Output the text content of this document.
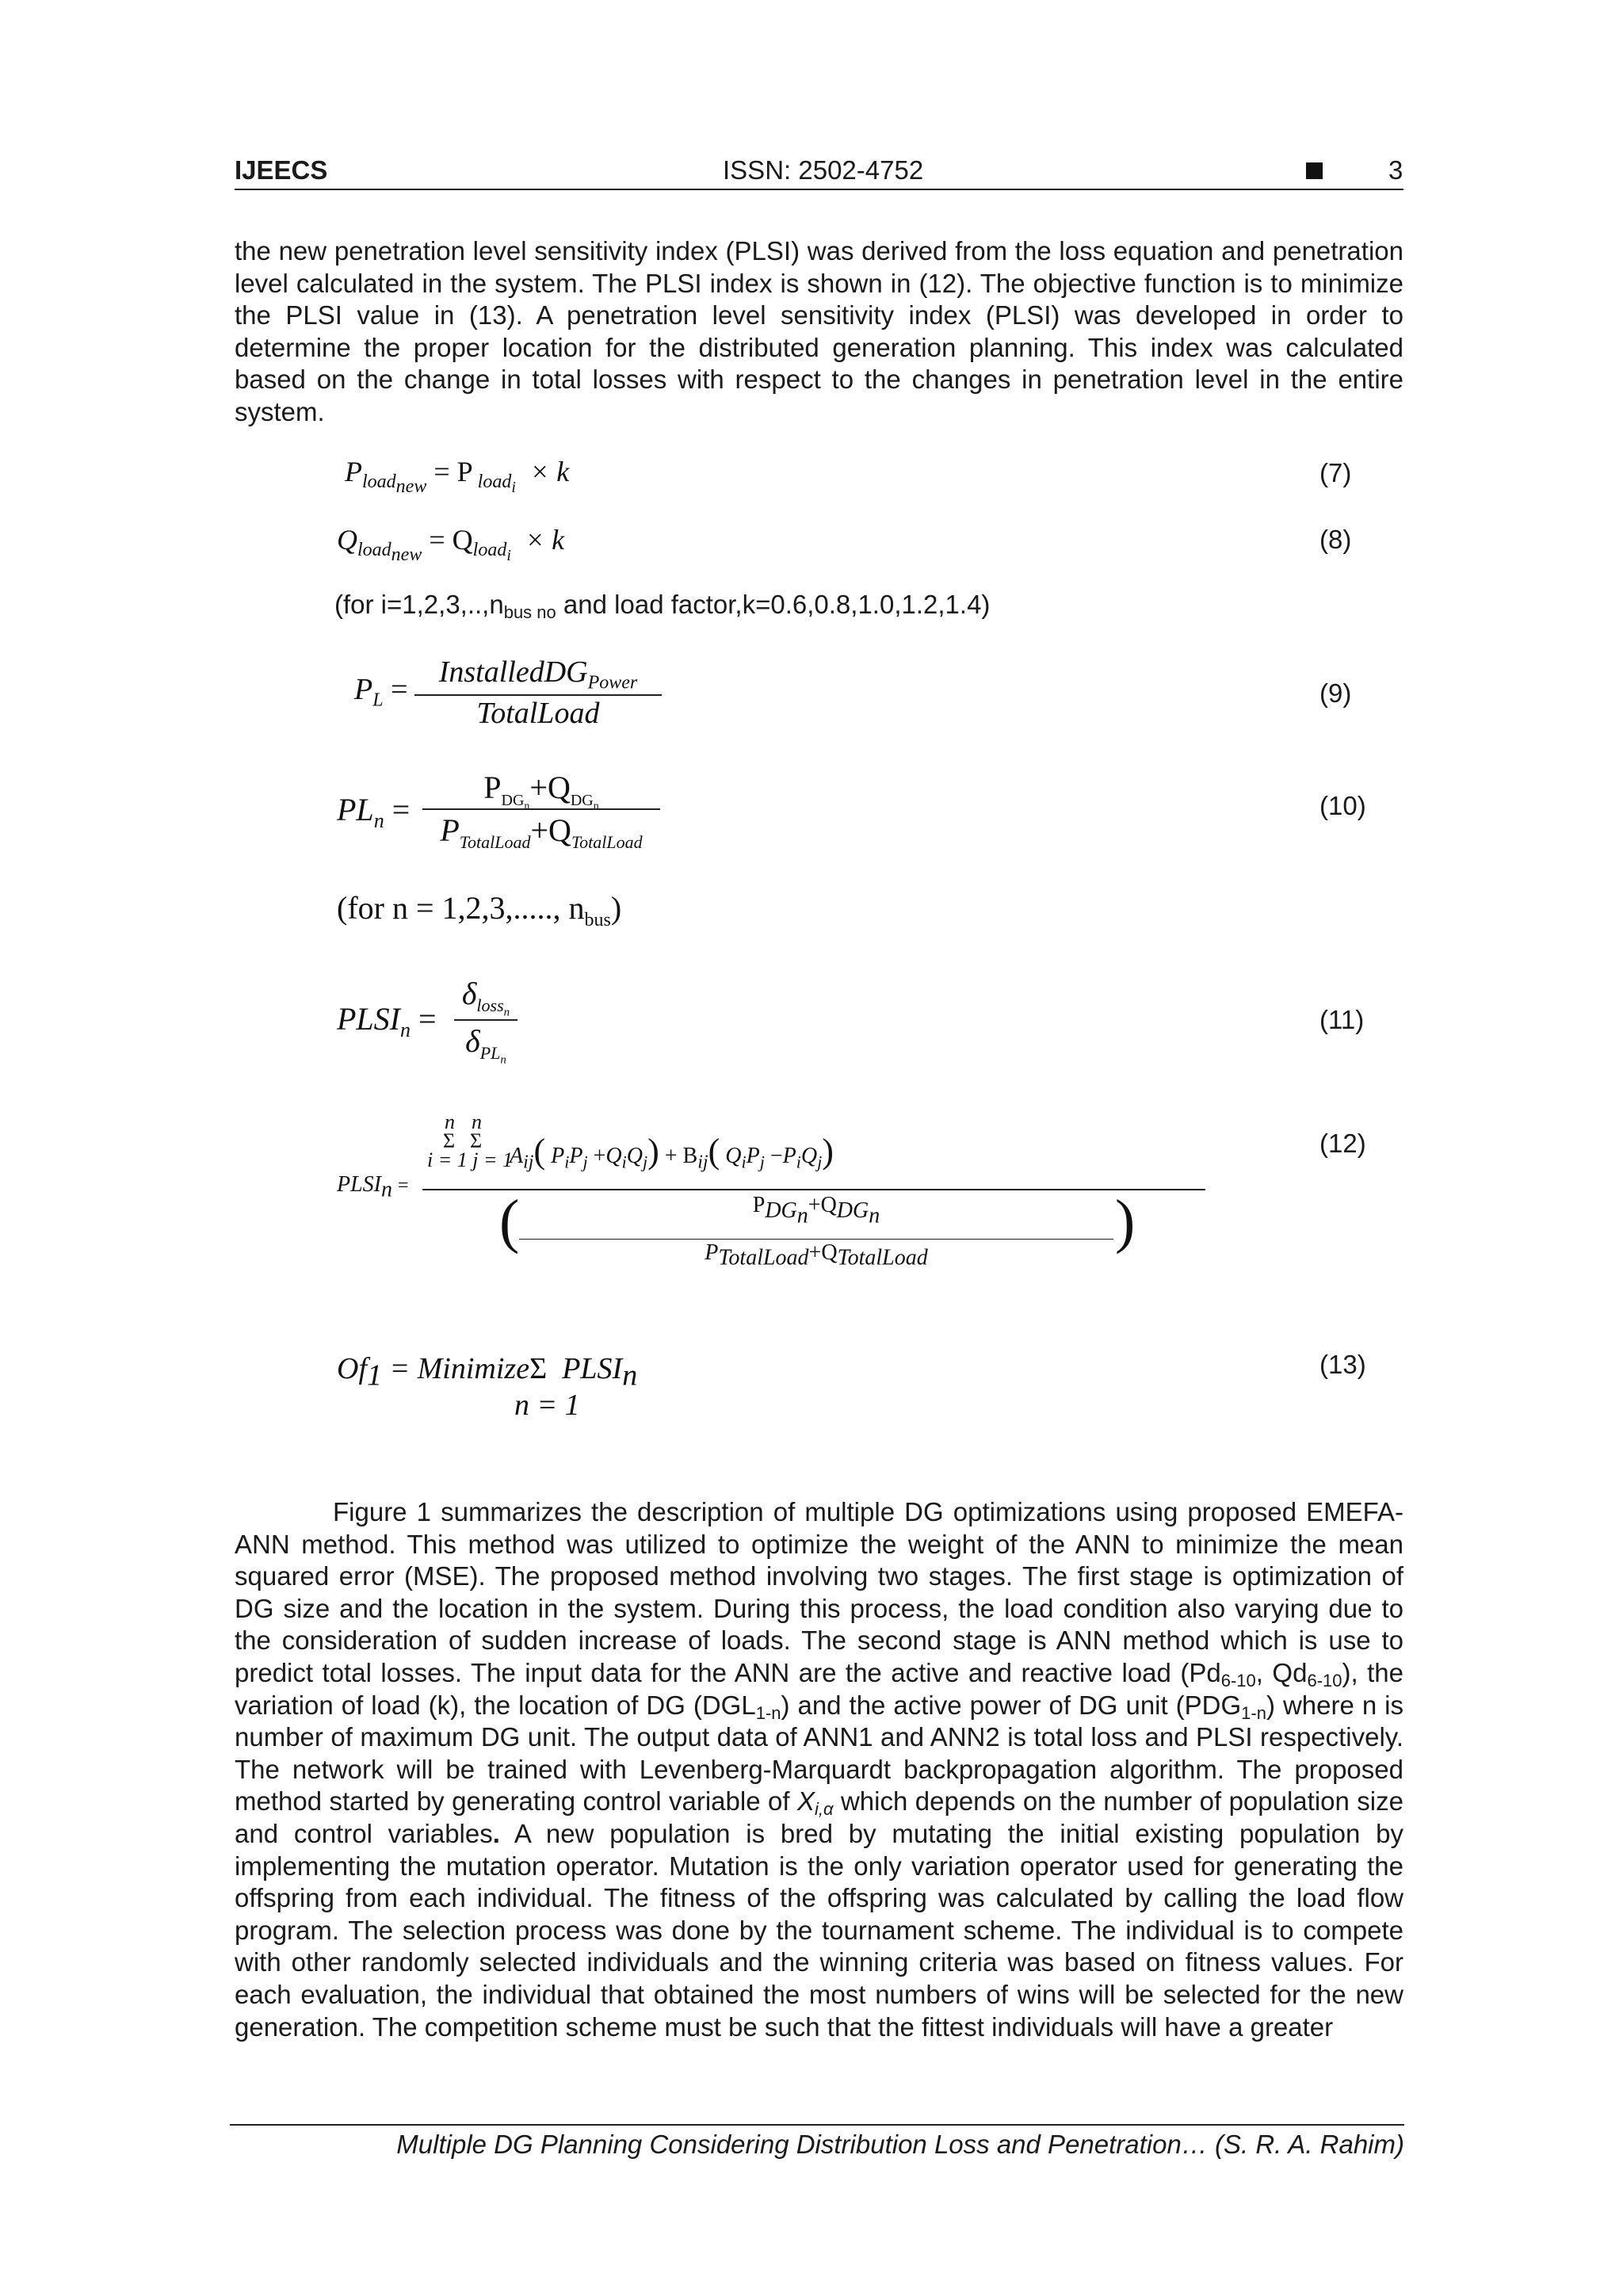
IJEECS	ISSN: 2502-4752	3
the new penetration level sensitivity index (PLSI) was derived from the loss equation and penetration level calculated in the system. The PLSI index is shown in (12). The objective function is to minimize the PLSI value in (13). A penetration level sensitivity index (PLSI) was developed in order to determine the proper location for the distributed generation planning. This index was calculated based on the change in total losses with respect to the changes in penetration level in the entire system.
$P_{load_{new}} = P$ $_{load_i}$ × k	(7)
$Q_{load_{new}} = Q_{load_i} \times k$	(8)
(for $i=1,2,3,..,n_{bus no}$ and load factor,k=0.6,0.8,1.0,1.2,1.4)
$P_L$ =
InstalledDG$_{Power}$
TotalLoad
(9)
$PL_n$ =
$P_{DG_n}+Q_{DG_n}$
$P_{TotalLoad}+Q_{TotalLoad}$
(10)
(for n = 1,2,3,....., $n_{bus}$)
$PLSI_n$ =
$\delta_{loss_n}$
$\delta_{PL_n}$
(11)
$PLSI_n$ =
n n
Σ Σ
i = 1 j = 1
$A_{ij}$( $P_iP_j +Q_iQ_j) + B_{ij}$( $Q_iP_j -P_iQ_j$)
(	)
$P_{DG_n}+Q_{DG_n}$
$P_{TotalLoad}+Q_{TotalLoad}$
(12)
$Of_1$ = MinimizeΣ $PLSI_n$
n = 1
(13)
Figure 1 summarizes the description of multiple DG optimizations using proposed EMEFA-ANN method. This method was utilized to optimize the weight of the ANN to minimize the mean squared error (MSE). The proposed method involving two stages. The first stage is optimization of DG size and the location in the system. During this process, the load condition also varying due to the consideration of sudden increase of loads. The second stage is ANN method which is use to predict total losses. The input data for the ANN are the active and reactive load ($Pd_{6-10}$, $Qd_{6-10}$), the variation of load (k), the location of DG $(DGL_{1-n})$ and the active power of DG unit $(PDG_{1-n})$ where n is number of maximum DG unit. The output data of ANN1 and ANN2 is total loss and PLSI respectively. The network will be trained with Levenberg-Marquardt backpropagation algorithm. The proposed method started by generating control variable of $X_{i,\alpha}$ which depends on the number of population size and control variables. A new population is bred by mutating the initial existing population by implementing the mutation operator. Mutation is the only variation operator used for generating the offspring from each individual. The fitness of the offspring was calculated by calling the load flow program. The selection process was done by the tournament scheme. The individual is to compete with other randomly selected individuals and the winning criteria was based on fitness values. For each evaluation, the individual that obtained the most numbers of wins will be selected for the new generation. The competition scheme must be such that the fittest individuals will have a greater
Multiple DG Planning Considering Distribution Loss and Penetration… (S. R. A. Rahim)
